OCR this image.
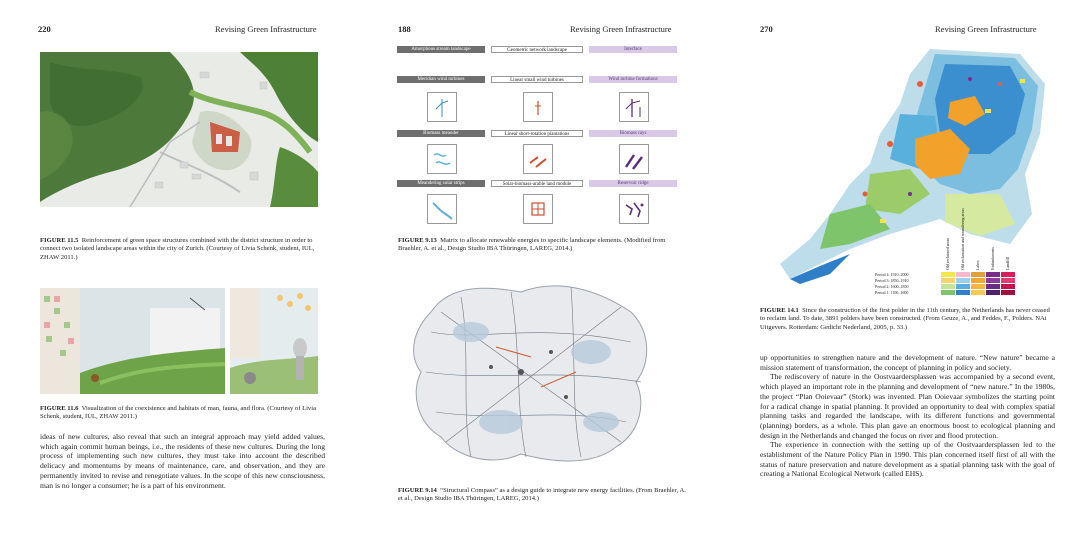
220	Revising Green Infrastructure
FIGURE 11.5 Reinforcement of green space structures combined with the district structure in order to connect two isolated landscape areas within the city of Zurich. (Courtesy of Livia Schenk, student, IUL, ZHAW 2011.)
FIGURE 11.6 Visualization of the coexistence and habitats of man, fauna, and flora. (Courtesy of Livia Schenk, student, IUL, ZHAW 2011.)
ideas of new cultures, also reveal that such an integral approach may yield added values, which again commit human beings, i.e., the residents of these new cultures. During the long process of implementing such new cultures, they must take into account the described delicacy and momentums by means of maintenance, care, and observation, and they are permanently invited to revise and renegotiate values. In the scope of this new consciousness, man is no longer a consumer; he is a part of his environment.
188	Revising Green Infrastructure
Amorphous stream landscape	Geometric network landscape	Interface
Meridian wind turbines	Linear small wind turbines	Wind turbine formations
Biomass meander	Linear short-rotation plantations	Biomass rays
Meandering solar strips	Solar-biomass-arable land module	Reservoir ridge
FIGURE 9.13 Matrix to allocate renewable energies to specific landscape elements. (Modified from Braehler, A. et al., Design Studio IBA Thüringen, LAREG, 2014.)
FIGURE 9.14 “Structural Compass” as a design guide to integrate new energy facilities. (From Braehler, A. et al., Design Studio IBA Thüringen, LAREG, 2014.)
270	Revising Green Infrastructure
Old reclaimed areas	Old reclamation and meandering areas	Lakes	Embankments	Landfill
Period 4: 1910–2000
Period 3: 1850–1910
Period 2: 1600–1850
Period 1: 1100–1600
FIGURE 14.1 Since the construction of the first polder in the 11th century, the Netherlands has never ceased to reclaim land. To date, 3891 polders have been constructed. (From Geuze, A., and Feddes, F., Polders. NAi Uitgevers. Rotterdam: Gedicht Nederland, 2005, p. 33.)

up opportunities to strengthen nature and the development of nature. “New nature” became a mission statement of transformation, the concept of planning in policy and society.

The rediscovery of nature in the Oostvaardersplassen was accompanied by a second event, which played an important role in the planning and development of “new nature.” In the 1980s, the project “Plan Ooievaar” (Stork) was invented. Plan Ooievaar symbolizes the starting point for a radical change in spatial planning. It provided an opportunity to deal with complex spatial planning tasks and regarded the landscape, with its different functions and governmental (planning) borders, as a whole. This plan gave an enormous boost to ecological planning and design in the Netherlands and changed the focus on river and flood protection.

The experience in connection with the setting up of the Oostvaardersplassen led to the establishment of the Nature Policy Plan in 1990. This plan concerned itself first of all with the status of nature preservation and nature development as a spatial planning task with the goal of creating a National Ecological Network (called EHS).
